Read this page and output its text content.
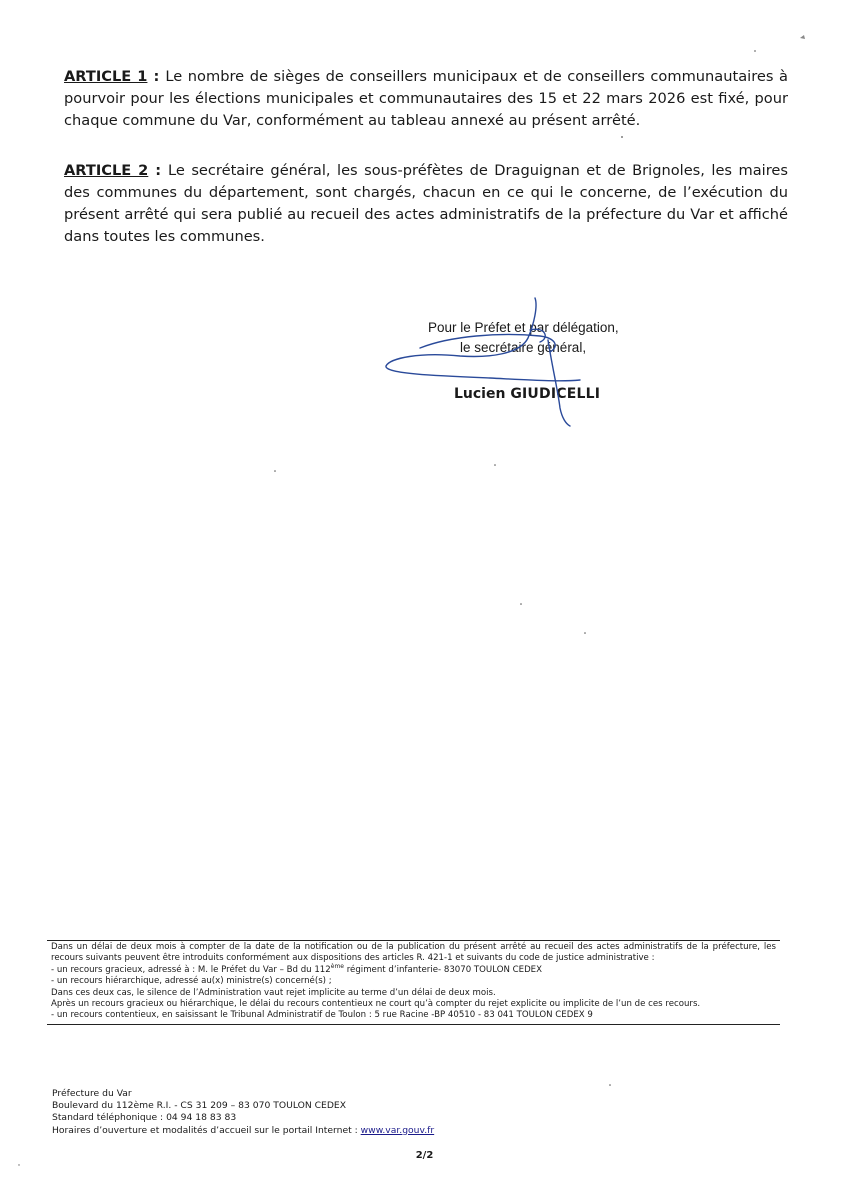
ARTICLE 1 : Le nombre de sièges de conseillers municipaux et de conseillers communautaires à pourvoir pour les élections municipales et communautaires des 15 et 22 mars 2026 est fixé, pour chaque commune du Var, conformément au tableau annexé au présent arrêté.
ARTICLE 2 : Le secrétaire général, les sous-préfètes de Draguignan et de Brignoles, les maires des communes du département, sont chargés, chacun en ce qui le concerne, de l’exécution du présent arrêté qui sera publié au recueil des actes administratifs de la préfecture du Var et affiché dans toutes les communes.
Pour le Préfet et par délégation,
le secrétaire général,
Lucien GIUDICELLI

Dans un délai de deux mois à compter de la date de la notification ou de la publication du présent arrêté au recueil des actes administratifs de la préfecture, les recours suivants peuvent être introduits conformément aux dispositions des articles R. 421-1 et suivants du code de justice administrative :

- un recours gracieux, adressé à : M. le Préfet du Var – Bd du 112ème régiment d’infanterie- 83070 TOULON CEDEX

- un recours hiérarchique, adressé au(x) ministre(s) concerné(s) ;

Dans ces deux cas, le silence de l’Administration vaut rejet implicite au terme d’un délai de deux mois.

Après un recours gracieux ou hiérarchique, le délai du recours contentieux ne court qu’à compter du rejet explicite ou implicite de l’un de ces recours.

- un recours contentieux, en saisissant le Tribunal Administratif de Toulon : 5 rue Racine -BP 40510 - 83 041 TOULON CEDEX 9

Préfecture du Var

Boulevard du 112ème R.I. - CS 31 209 – 83 070 TOULON CEDEX

Standard téléphonique : 04 94 18 83 83

Horaires d’ouverture et modalités d’accueil sur le portail Internet : www.var.gouv.fr

2/2
